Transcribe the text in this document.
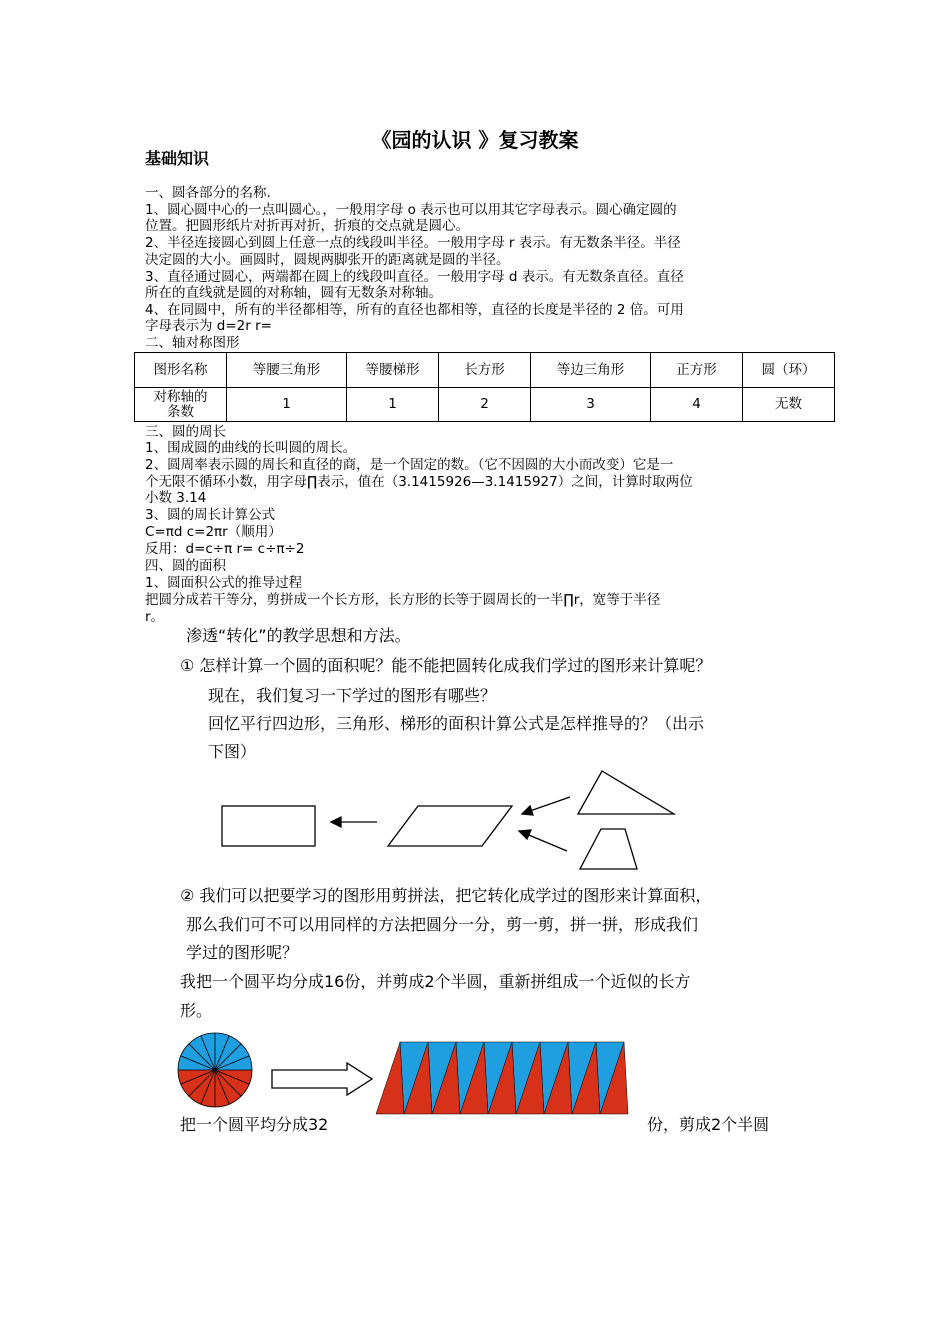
《园的认识 》复习教案
基础知识
一、圆各部分的名称.
1、圆心圆中心的一点叫圆心。，一般用字母 o 表示也可以用其它字母表示。圆心确定圆的
位置。把圆形纸片对折再对折，折痕的交点就是圆心。
2、半径连接圆心到圆上任意一点的线段叫半径。一般用字母 r 表示。有无数条半径。半径
决定圆的大小。画圆时，圆规两脚张开的距离就是圆的半径。
3、直径通过圆心，两端都在圆上的线段叫直径。一般用字母 d 表示。有无数条直径。直径
所在的直线就是圆的对称轴，圆有无数条对称轴。
4、在同圆中，所有的半径都相等，所有的直径也都相等，直径的长度是半径的 2 倍。可用
字母表示为 d=2r r=
二、轴对称图形
图形名称	等腰三角形	等腰梯形	长方形	等边三角形	正方形	圆（环）
对称轴的条数	1	1	2	3	4	无数
三、圆的周长
1、围成圆的曲线的长叫圆的周长。
2、圆周率表示圆的周长和直径的商，是一个固定的数。（它不因圆的大小而改变）它是一
个无限不循环小数，用字母∏表示，值在（3.1415926—3.1415927）之间，计算时取两位
小数 3.14
3、圆的周长计算公式
C=πd c=2πr（顺用）
反用：d=c÷π r= c÷π÷2
四、圆的面积
1、圆面积公式的推导过程
把圆分成若干等分，剪拼成一个长方形，长方形的长等于圆周长的一半∏r，宽等于半径
r。
渗透“转化”的教学思想和方法。
① 怎样计算一个圆的面积呢？能不能把圆转化成我们学过的图形来计算呢？
现在，我们复习一下学过的图形有哪些？
回忆平行四边形，三角形、梯形的面积计算公式是怎样推导的？（出示
下图）
② 我们可以把要学习的图形用剪拼法，把它转化成学过的图形来计算面积，
那么我们可不可以用同样的方法把圆分一分，剪一剪，拼一拼，形成我们
学过的图形呢？
我把一个圆平均分成16份，并剪成2个半圆，重新拼组成一个近似的长方
形。
把一个圆平均分成32	份，剪成2个半圆
